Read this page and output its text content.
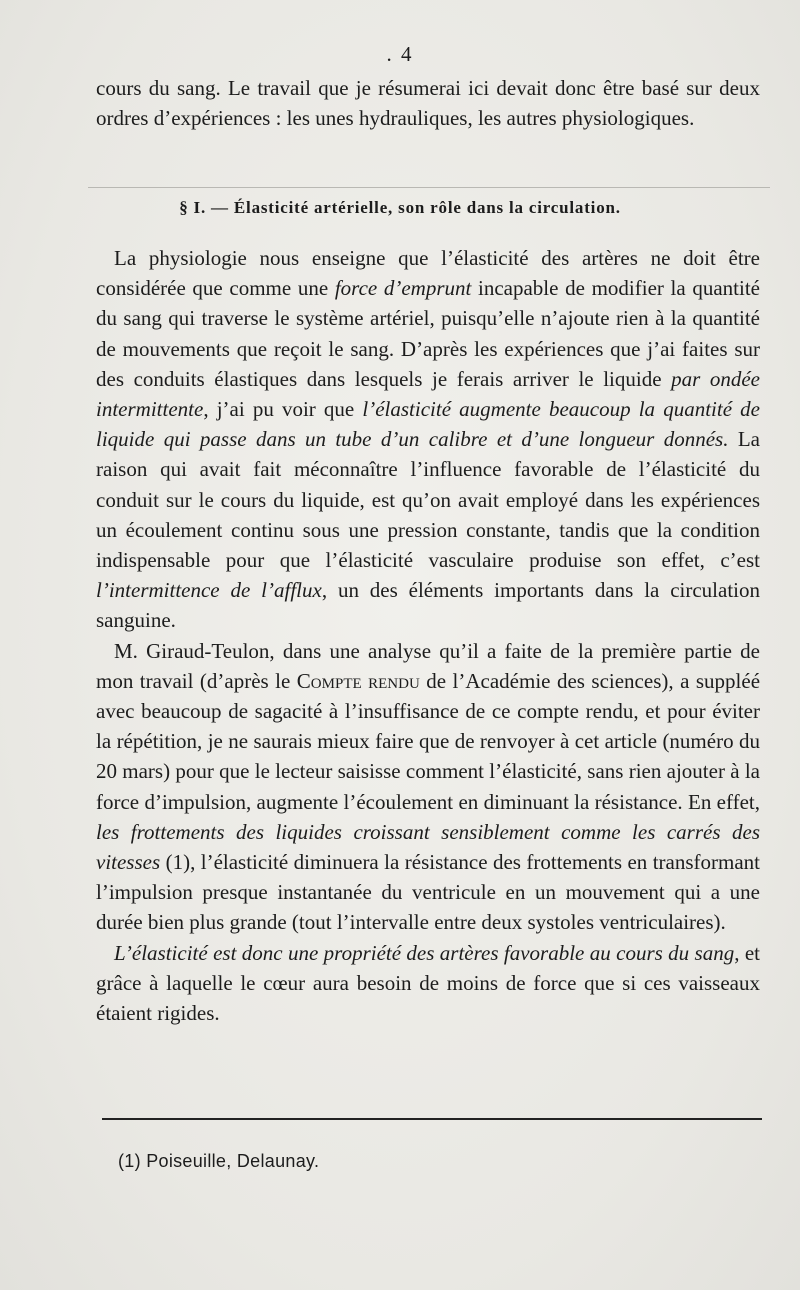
. 4

cours du sang. Le travail que je résumerai ici devait donc être basé sur deux ordres d’expériences : les unes hydrauliques, les autres physiologiques.

§ I. — Élasticité artérielle, son rôle dans la circulation.

La physiologie nous enseigne que l’élasticité des artères ne doit être considérée que comme une force d’emprunt incapable de modifier la quantité du sang qui traverse le système artériel, puisqu’elle n’ajoute rien à la quantité de mouvements que reçoit le sang. D’après les expériences que j’ai faites sur des conduits élastiques dans lesquels je ferais arriver le liquide par ondée intermittente, j’ai pu voir que l’élasticité augmente beaucoup la quantité de liquide qui passe dans un tube d’un calibre et d’une longueur donnés. La raison qui avait fait méconnaître l’influence favorable de l’élasticité du conduit sur le cours du liquide, est qu’on avait employé dans les expériences un écoulement continu sous une pression constante, tandis que la condition indispensable pour que l’élasticité vasculaire produise son effet, c’est l’intermittence de l’afflux, un des éléments importants dans la circulation sanguine.

M. Giraud-Teulon, dans une analyse qu’il a faite de la première partie de mon travail (d’après le Compte rendu de l’Académie des sciences), a suppléé avec beaucoup de sagacité à l’insuffisance de ce compte rendu, et pour éviter la répétition, je ne saurais mieux faire que de renvoyer à cet article (numéro du 20 mars) pour que le lecteur saisisse comment l’élasticité, sans rien ajouter à la force d’impulsion, augmente l’écoulement en diminuant la résistance. En effet, les frottements des liquides croissant sensiblement comme les carrés des vitesses (1), l’élasticité diminuera la résistance des frottements en transformant l’impulsion presque instantanée du ventricule en un mouvement qui a une durée bien plus grande (tout l’intervalle entre deux systoles ventriculaires).

L’élasticité est donc une propriété des artères favorable au cours du sang, et grâce à laquelle le cœur aura besoin de moins de force que si ces vaisseaux étaient rigides.

(1) Poiseuille, Delaunay.
